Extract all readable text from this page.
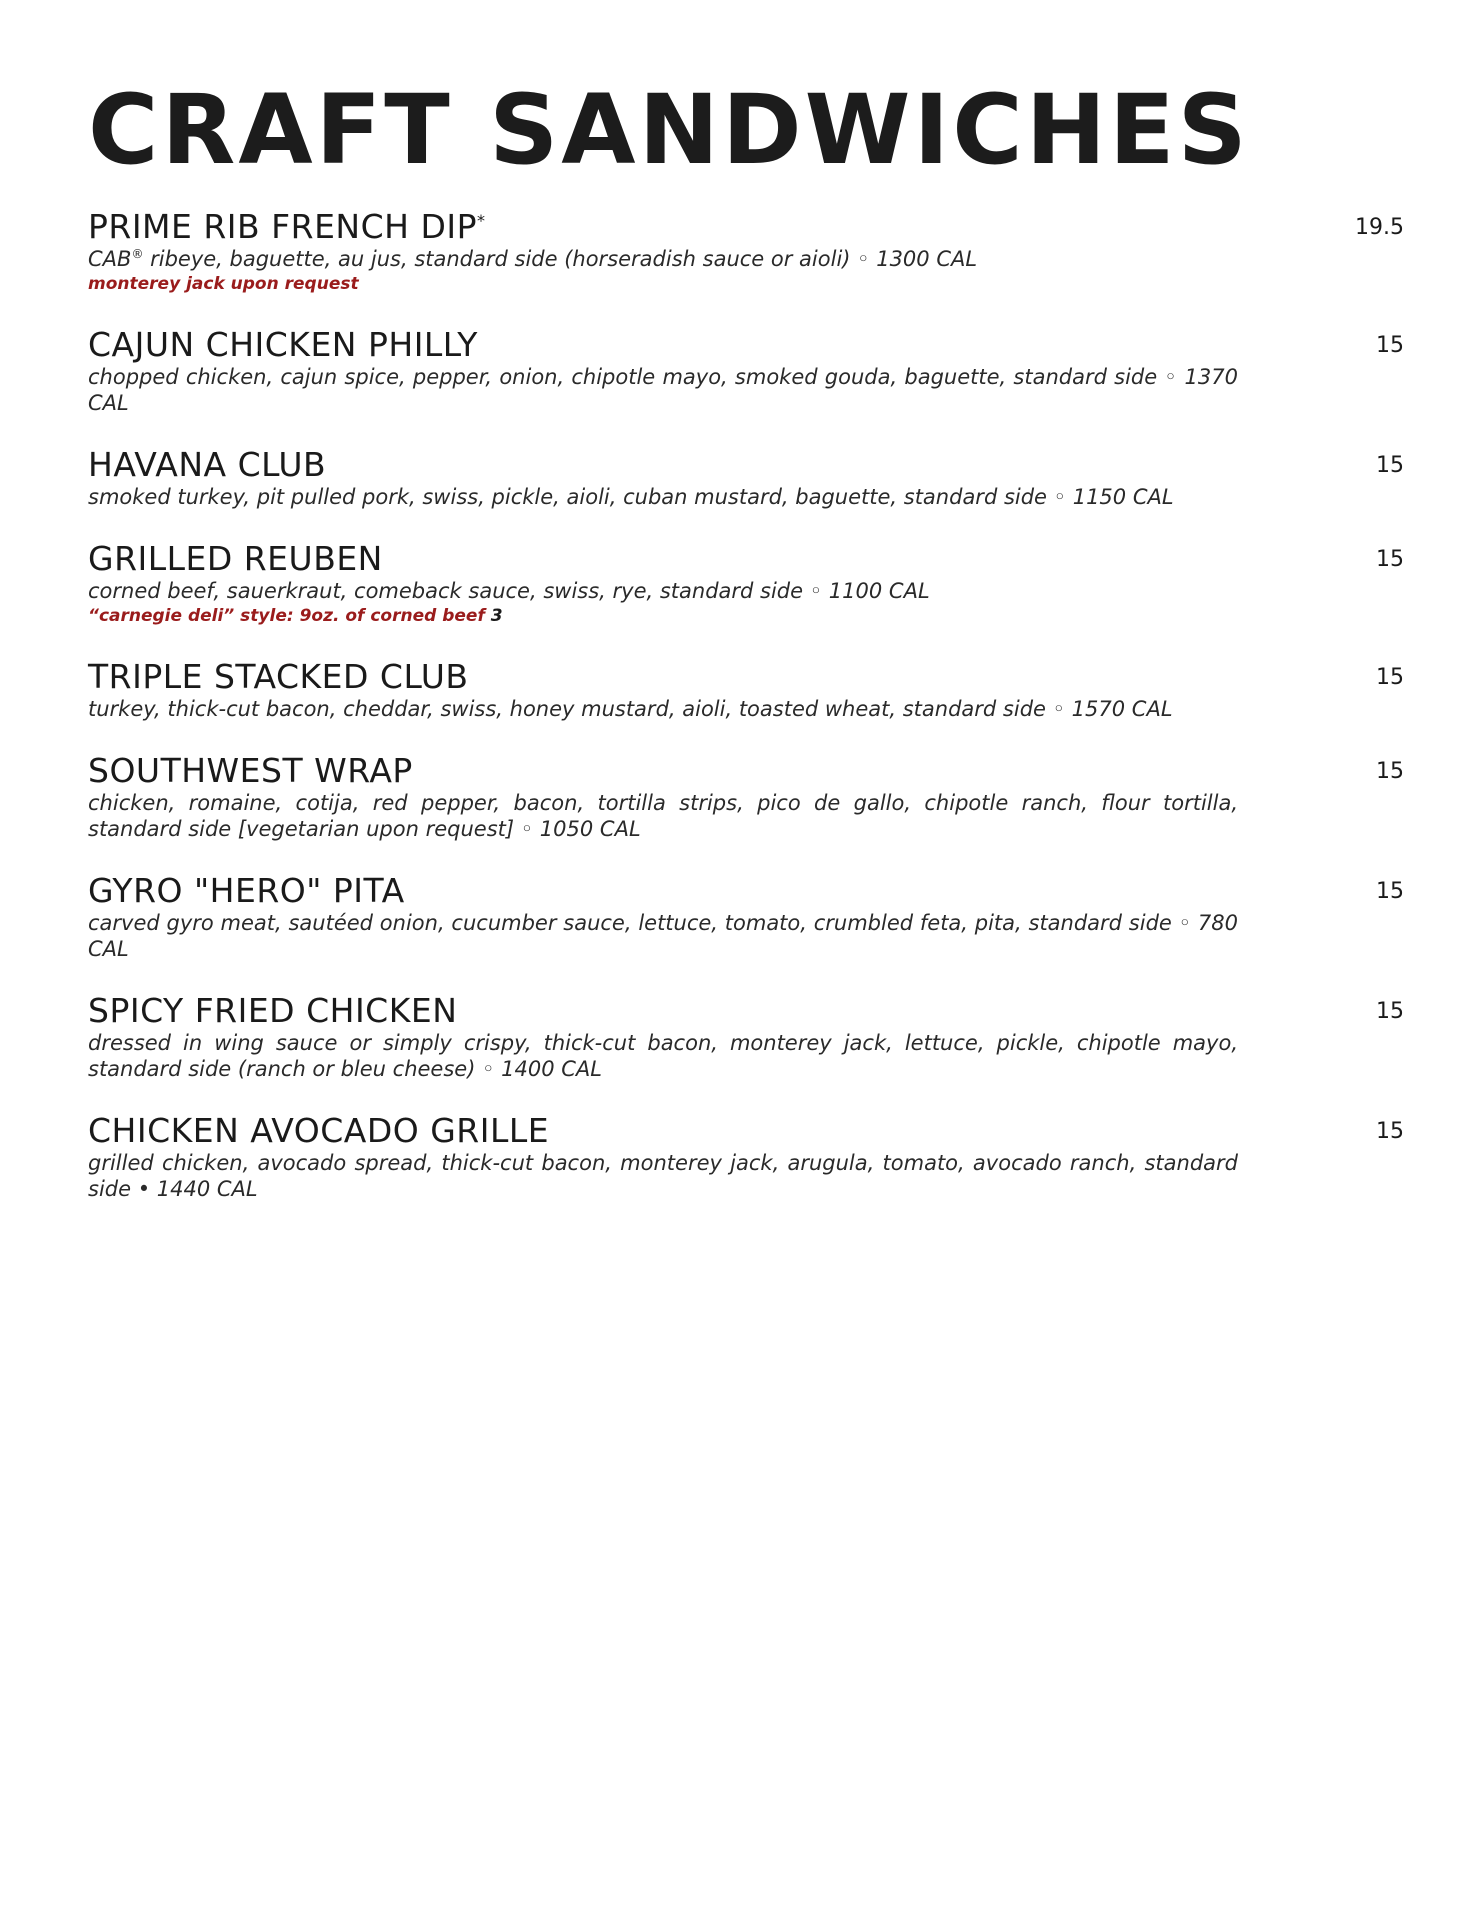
CRAFT SANDWICHES
PRIME RIB FRENCH DIP*	19.5
CAB® ribeye, baguette, au jus, standard side (horseradish sauce or aioli) ◦ 1300 CAL
monterey jack upon request
CAJUN CHICKEN PHILLY	15
chopped chicken, cajun spice, pepper, onion, chipotle mayo, smoked gouda, baguette, standard side ◦ 1370 CAL
HAVANA CLUB	15
smoked turkey, pit pulled pork, swiss, pickle, aioli, cuban mustard, baguette, standard side ◦ 1150 CAL
GRILLED REUBEN	15
corned beef, sauerkraut, comeback sauce, swiss, rye, standard side ◦ 1100 CAL
“carnegie deli” style: 9oz. of corned beef 3
TRIPLE STACKED CLUB	15
turkey, thick-cut bacon, cheddar, swiss, honey mustard, aioli, toasted wheat, standard side ◦ 1570 CAL
SOUTHWEST WRAP	15
chicken, romaine, cotija, red pepper, bacon, tortilla strips, pico de gallo, chipotle ranch, flour tortilla, standard side [vegetarian upon request] ◦ 1050 CAL
GYRO "HERO" PITA	15
carved gyro meat, sautéed onion, cucumber sauce, lettuce, tomato, crumbled feta, pita, standard side ◦ 780 CAL
SPICY FRIED CHICKEN	15
dressed in wing sauce or simply crispy, thick-cut bacon, monterey jack, lettuce, pickle, chipotle mayo, standard side (ranch or bleu cheese) ◦ 1400 CAL
CHICKEN AVOCADO GRILLE	15
grilled chicken, avocado spread, thick-cut bacon, monterey jack, arugula, tomato, avocado ranch, standard side • 1440 CAL
